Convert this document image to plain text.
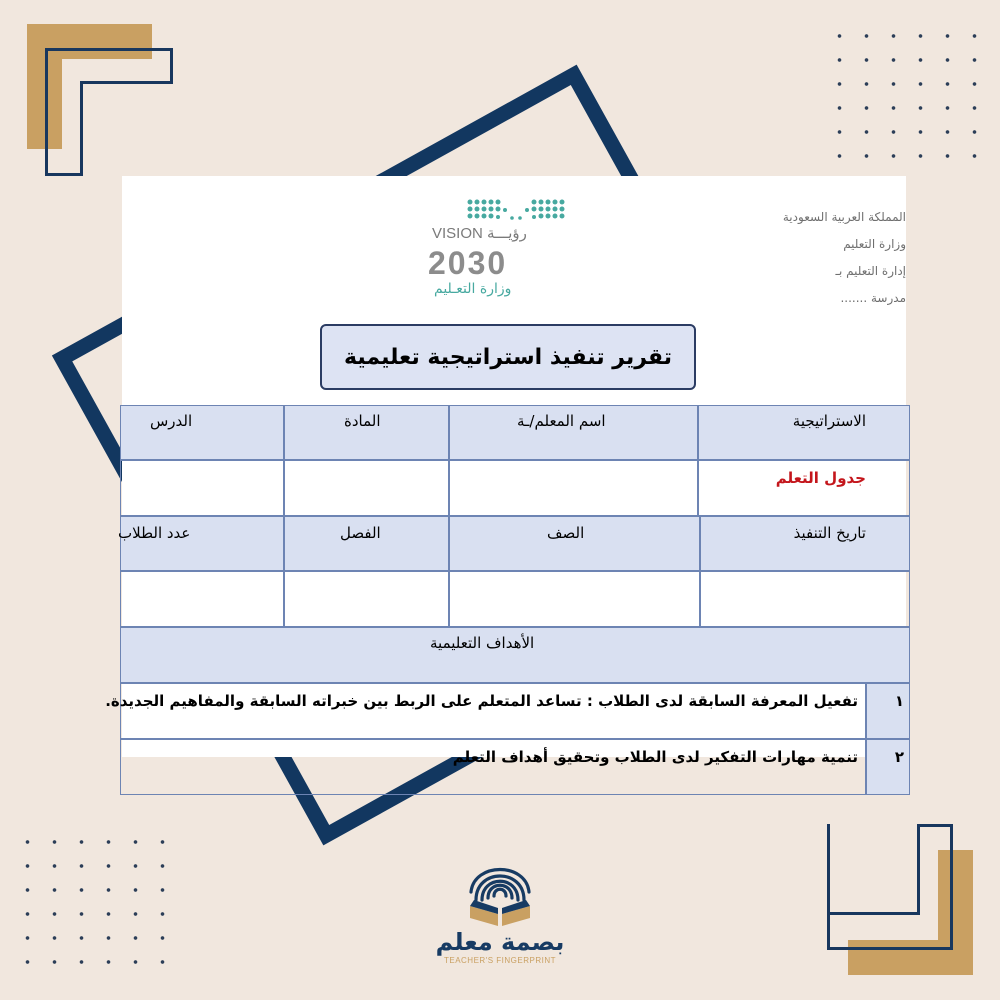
المملكة العربية السعودية
وزارة التعليم
إدارة التعليم بـ
مدرسة .......
VISION رؤيـــة
2030
وزارة التعـليم
تقرير تنفيذ استراتيجية تعليمية
الاستراتيجية
اسم المعلم/ـة
المادة
الدرس
جدول التعلم
تاريخ التنفيذ
الصف
الفصل
عدد الطلاب
الأهداف التعليمية
تفعيل المعرفة السابقة لدى الطلاب : تساعد المتعلم على الربط بين خبراته السابقة والمفاهيم الجديدة. ١
تنمية مهارات التفكير لدى الطلاب وتحقيق أهداف التعلم ٢
بصمة معلم
TEACHER'S FINGERPRINT
